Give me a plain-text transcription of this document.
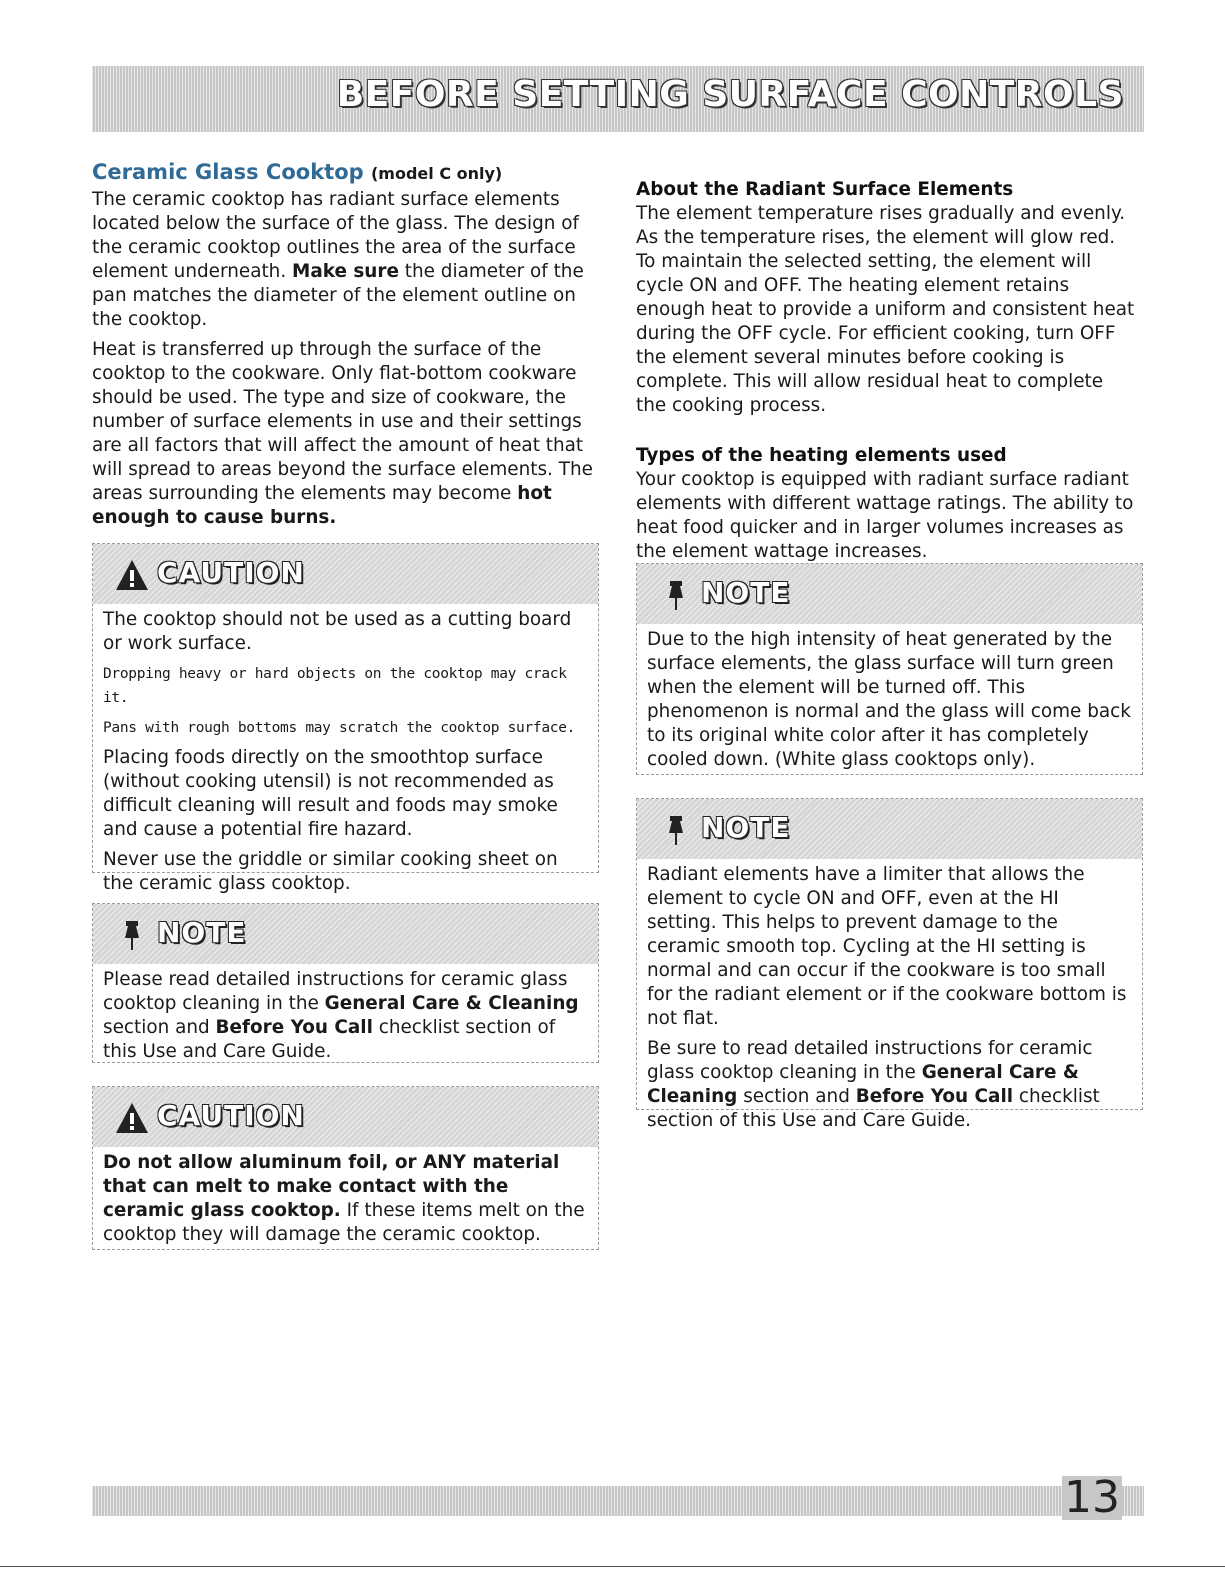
BEFORE SETTING SURFACE CONTROLS
Ceramic Glass Cooktop (model C only)

The ceramic cooktop has radiant surface elements located below the surface of the glass. The design of the ceramic cooktop outlines the area of the surface element underneath. Make sure the diameter of the pan matches the diameter of the element outline on the cooktop.

Heat is transferred up through the surface of the cooktop to the cookware. Only flat-bottom cookware should be used. The type and size of cookware, the number of surface elements in use and their settings are all factors that will affect the amount of heat that will spread to areas beyond the surface elements. The areas surrounding the elements may become hot enough to cause burns.

CAUTION

The cooktop should not be used as a cutting board or work surface.

Dropping heavy or hard objects on the cooktop may crack it.

Pans with rough bottoms may scratch the cooktop surface.

Placing foods directly on the smoothtop surface (without cooking utensil) is not recommended as difficult cleaning will result and foods may smoke and cause a potential fire hazard.

Never use the griddle or similar cooking sheet on the ceramic glass cooktop.

NOTE

Please read detailed instructions for ceramic glass cooktop cleaning in the General Care & Cleaning section and Before You Call checklist section of this Use and Care Guide.

CAUTION

Do not allow aluminum foil, or ANY material that can melt to make contact with the ceramic glass cooktop. If these items melt on the cooktop they will damage the ceramic cooktop.

About the Radiant Surface Elements

The element temperature rises gradually and evenly. As the temperature rises, the element will glow red. To maintain the selected setting, the element will cycle ON and OFF. The heating element retains enough heat to provide a uniform and consistent heat during the OFF cycle. For efficient cooking, turn OFF the element several minutes before cooking is complete. This will allow residual heat to complete the cooking process.

Types of the heating elements used

Your cooktop is equipped with radiant surface radiant elements with different wattage ratings. The ability to heat food quicker and in larger volumes increases as the element wattage increases.

NOTE

Due to the high intensity of heat generated by the surface elements, the glass surface will turn green when the element will be turned off. This phenomenon is normal and the glass will come back to its original white color after it has completely cooled down. (White glass cooktops only).

NOTE

Radiant elements have a limiter that allows the element to cycle ON and OFF, even at the HI setting. This helps to prevent damage to the ceramic smooth top. Cycling at the HI setting is normal and can occur if the cookware is too small for the radiant element or if the cookware bottom is not flat.

Be sure to read detailed instructions for ceramic glass cooktop cleaning in the General Care & Cleaning section and Before You Call checklist section of this Use and Care Guide.

13
